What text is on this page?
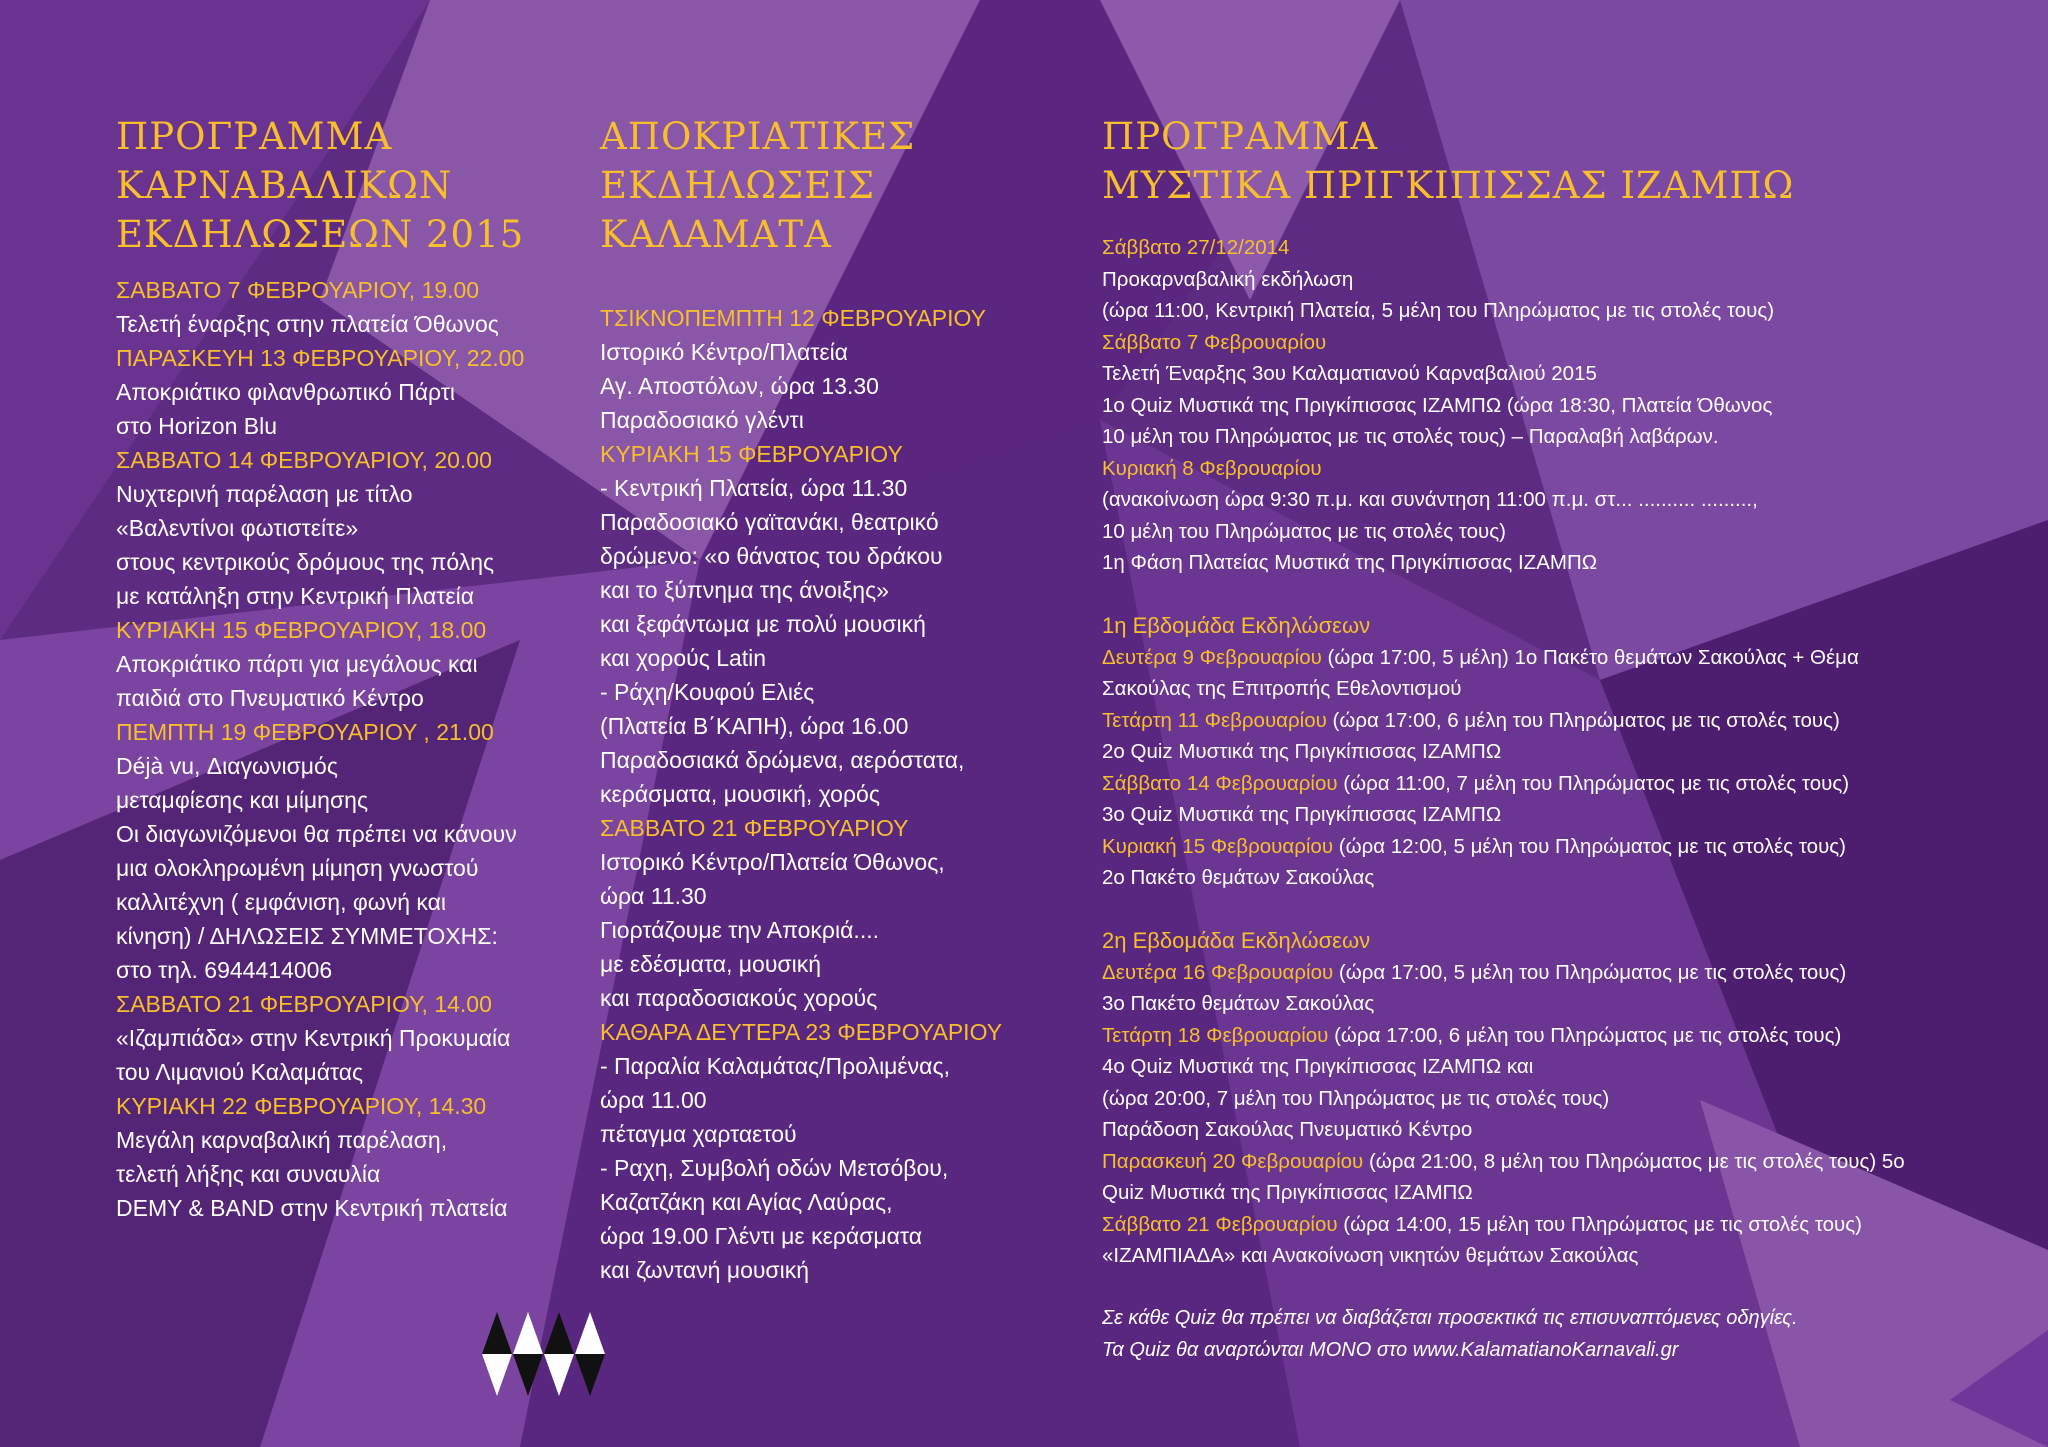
ΠΡΟΓΡΑΜΜΑ
ΚΑΡΝΑΒΑΛΙΚΩΝ
ΕΚΔΗΛΩΣΕΩΝ 2015
ΣΑΒΒΑΤΟ 7 ΦΕΒΡΟΥΑΡΙΟΥ, 19.00
Τελετή έναρξης στην πλατεία Όθωνος
ΠΑΡΑΣΚΕΥΗ 13 ΦΕΒΡΟΥΑΡΙΟΥ, 22.00
Αποκριάτικο φιλανθρωπικό Πάρτι
στο Horizon Blu
ΣΑΒΒΑΤΟ 14 ΦΕΒΡΟΥΑΡΙΟΥ, 20.00
Νυχτερινή παρέλαση με τίτλο
«Βαλεντίνοι φωτιστείτε»
στους κεντρικούς δρόμους της πόλης
με κατάληξη στην Κεντρική Πλατεία
ΚΥΡΙΑΚΗ 15 ΦΕΒΡΟΥΑΡΙΟΥ, 18.00
Αποκριάτικο πάρτι για μεγάλους και
παιδιά στο Πνευματικό Κέντρο
ΠΕΜΠΤΗ 19 ΦΕΒΡΟΥΑΡΙΟΥ , 21.00
Déjà vu, Διαγωνισμός
μεταμφίεσης και μίμησης
Οι διαγωνιζόμενοι θα πρέπει να κάνουν
μια ολοκληρωμένη μίμηση γνωστού
καλλιτέχνη ( εμφάνιση, φωνή και
κίνηση) / ΔΗΛΩΣΕΙΣ ΣΥΜΜΕΤΟΧΗΣ:
στο τηλ. 6944414006
ΣΑΒΒΑΤΟ 21 ΦΕΒΡΟΥΑΡΙΟΥ, 14.00
«Ιζαμπιάδα» στην Κεντρική Προκυμαία
του Λιμανιού Καλαμάτας
ΚΥΡΙΑΚΗ 22 ΦΕΒΡΟΥΑΡΙΟΥ, 14.30
Μεγάλη καρναβαλική παρέλαση,
τελετή λήξης και συναυλία
DEMY & BAND στην Κεντρική πλατεία
ΑΠΟΚΡΙΑΤΙΚΕΣ
ΕΚΔΗΛΩΣΕΙΣ
ΚΑΛΑΜΑΤΑ
ΤΣΙΚΝΟΠΕΜΠΤΗ 12 ΦΕΒΡΟΥΑΡΙΟΥ
Ιστορικό Κέντρο/Πλατεία
Αγ. Αποστόλων, ώρα 13.30
Παραδοσιακό γλέντι
ΚΥΡΙΑΚΗ 15 ΦΕΒΡΟΥΑΡΙΟΥ
- Κεντρική Πλατεία, ώρα 11.30
Παραδοσιακό γαϊτανάκι, θεατρικό
δρώμενο: «ο θάνατος του δράκου
και το ξύπνημα της άνοιξης»
και ξεφάντωμα με πολύ μουσική
και χορούς Latin
- Ράχη/Κουφού Ελιές
(Πλατεία Β΄ΚΑΠΗ), ώρα 16.00
Παραδοσιακά δρώμενα, αερόστατα,
κεράσματα, μουσική, χορός
ΣΑΒΒΑΤΟ 21 ΦΕΒΡΟΥΑΡΙΟΥ
Ιστορικό Κέντρο/Πλατεία Όθωνος,
ώρα 11.30
Γιορτάζουμε την Αποκριά....
με εδέσματα, μουσική
και παραδοσιακούς χορούς
ΚΑΘΑΡΑ ΔΕΥΤΕΡΑ 23 ΦΕΒΡΟΥΑΡΙΟΥ
- Παραλία Καλαμάτας/Προλιμένας,
ώρα 11.00
πέταγμα χαρταετού
- Ραχη, Συμβολή οδών Μετσόβου,
Καζατζάκη και Αγίας Λαύρας,
ώρα 19.00 Γλέντι με κεράσματα
και ζωντανή μουσική
ΠΡΟΓΡΑΜΜΑ
ΜΥΣΤΙΚΑ ΠΡΙΓΚΙΠΙΣΣΑΣ ΙΖΑΜΠΩ
Σάββατο 27/12/2014
Προκαρναβαλική εκδήλωση
(ώρα 11:00, Κεντρική Πλατεία, 5 μέλη του Πληρώματος με τις στολές τους)
Σάββατο 7 Φεβρουαρίου
Τελετή Έναρξης 3ου Καλαματιανού Καρναβαλιού 2015
1ο Quiz Μυστικά της Πριγκίπισσας ΙΖΑΜΠΩ (ώρα 18:30, Πλατεία Όθωνος
10 μέλη του Πληρώματος με τις στολές τους) – Παραλαβή λαβάρων.
Κυριακή 8 Φεβρουαρίου
(ανακοίνωση ώρα 9:30 π.μ. και συνάντηση 11:00 π.μ. στ... .......... .........,
10 μέλη του Πληρώματος με τις στολές τους)
1η Φάση Πλατείας Μυστικά της Πριγκίπισσας ΙΖΑΜΠΩ
1η Εβδομάδα Εκδηλώσεων
Δευτέρα 9 Φεβρουαρίου (ώρα 17:00, 5 μέλη) 1ο Πακέτο θεμάτων Σακούλας + Θέμα
Σακούλας της Επιτροπής Εθελοντισμού
Τετάρτη 11 Φεβρουαρίου (ώρα 17:00, 6 μέλη του Πληρώματος με τις στολές τους)
2ο Quiz Μυστικά της Πριγκίπισσας ΙΖΑΜΠΩ
Σάββατο 14 Φεβρουαρίου (ώρα 11:00, 7 μέλη του Πληρώματος με τις στολές τους)
3ο Quiz Μυστικά της Πριγκίπισσας ΙΖΑΜΠΩ
Κυριακή 15 Φεβρουαρίου (ώρα 12:00, 5 μέλη του Πληρώματος με τις στολές τους)
2ο Πακέτο θεμάτων Σακούλας
2η Εβδομάδα Εκδηλώσεων
Δευτέρα 16 Φεβρουαρίου (ώρα 17:00, 5 μέλη του Πληρώματος με τις στολές τους)
3ο Πακέτο θεμάτων Σακούλας
Τετάρτη 18 Φεβρουαρίου (ώρα 17:00, 6 μέλη του Πληρώματος με τις στολές τους)
4ο Quiz Μυστικά της Πριγκίπισσας ΙΖΑΜΠΩ και
(ώρα 20:00, 7 μέλη του Πληρώματος με τις στολές τους)
Παράδοση Σακούλας Πνευματικό Κέντρο
Παρασκευή 20 Φεβρουαρίου (ώρα 21:00, 8 μέλη του Πληρώματος με τις στολές τους) 5ο
Quiz Μυστικά της Πριγκίπισσας ΙΖΑΜΠΩ
Σάββατο 21 Φεβρουαρίου (ώρα 14:00, 15 μέλη του Πληρώματος με τις στολές τους)
«ΙΖΑΜΠΙΑΔΑ» και Ανακοίνωση νικητών θεμάτων Σακούλας
Σε κάθε Quiz θα πρέπει να διαβάζεται προσεκτικά τις επισυναπτόμενες οδηγίες.
Τα Quiz θα αναρτώνται ΜΟΝΟ στο www.KalamatianoKarnavali.gr
